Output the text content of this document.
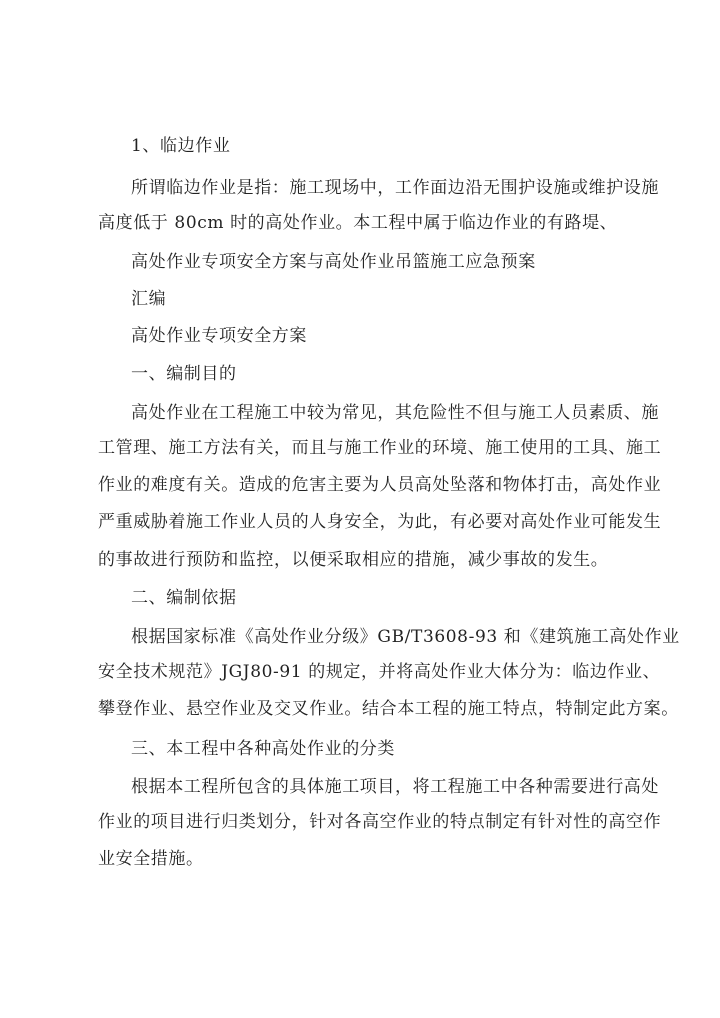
1、临边作业
所谓临边作业是指：施工现场中，工作面边沿无围护设施或维护设施
高度低于 80cm 时的高处作业。本工程中属于临边作业的有路堤、
高处作业专项安全方案与高处作业吊篮施工应急预案
汇编
高处作业专项安全方案
一、编制目的
高处作业在工程施工中较为常见，其危险性不但与施工人员素质、施
工管理、施工方法有关，而且与施工作业的环境、施工使用的工具、施工
作业的难度有关。造成的危害主要为人员高处坠落和物体打击，高处作业
严重威胁着施工作业人员的人身安全，为此，有必要对高处作业可能发生
的事故进行预防和监控，以便采取相应的措施，减少事故的发生。
二、编制依据
根据国家标准《高处作业分级》GB/T3608-93 和《建筑施工高处作业
安全技术规范》JGJ80-91 的规定，并将高处作业大体分为：临边作业、
攀登作业、悬空作业及交叉作业。结合本工程的施工特点，特制定此方案。
三、本工程中各种高处作业的分类
根据本工程所包含的具体施工项目，将工程施工中各种需要进行高处
作业的项目进行归类划分，针对各高空作业的特点制定有针对性的高空作
业安全措施。
